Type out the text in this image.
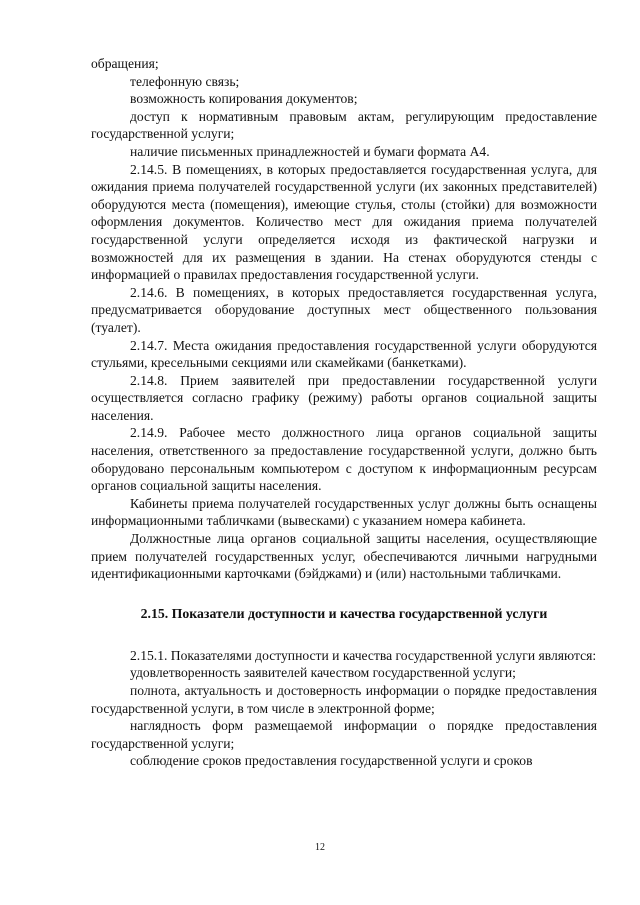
обращения;

телефонную связь;

возможность копирования документов;

доступ к нормативным правовым актам, регулирующим предоставление государственной услуги;

наличие письменных принадлежностей и бумаги формата А4.

2.14.5. В помещениях, в которых предоставляется государственная услуга, для ожидания приема получателей государственной услуги (их законных представителей) оборудуются места (помещения), имеющие стулья, столы (стойки) для возможности оформления документов. Количество мест для ожидания приема получателей государственной услуги определяется исходя из фактической нагрузки и возможностей для их размещения в здании. На стенах оборудуются стенды с информацией о правилах предоставления государственной услуги.

2.14.6. В помещениях, в которых предоставляется государственная услуга, предусматривается оборудование доступных мест общественного пользования (туалет).

2.14.7. Места ожидания предоставления государственной услуги оборудуются стульями, кресельными секциями или скамейками (банкетками).

2.14.8. Прием заявителей при предоставлении государственной услуги осуществляется согласно графику (режиму) работы органов социальной защиты населения.

2.14.9. Рабочее место должностного лица органов социальной защиты населения, ответственного за предоставление государственной услуги, должно быть оборудовано персональным компьютером с доступом к информационным ресурсам органов социальной защиты населения.

Кабинеты приема получателей государственных услуг должны быть оснащены информационными табличками (вывесками) с указанием номера кабинета.

Должностные лица органов социальной защиты населения, осуществляющие прием получателей государственных услуг, обеспечиваются личными нагрудными идентификационными карточками (бэйджами) и (или) настольными табличками.

2.15. Показатели доступности и качества государственной услуги

2.15.1. Показателями доступности и качества государственной услуги являются:

удовлетворенность заявителей качеством государственной услуги;

полнота, актуальность и достоверность информации о порядке предоставления государственной услуги, в том числе в электронной форме;

наглядность форм размещаемой информации о порядке предоставления государственной услуги;

соблюдение сроков предоставления государственной услуги и сроков

12
